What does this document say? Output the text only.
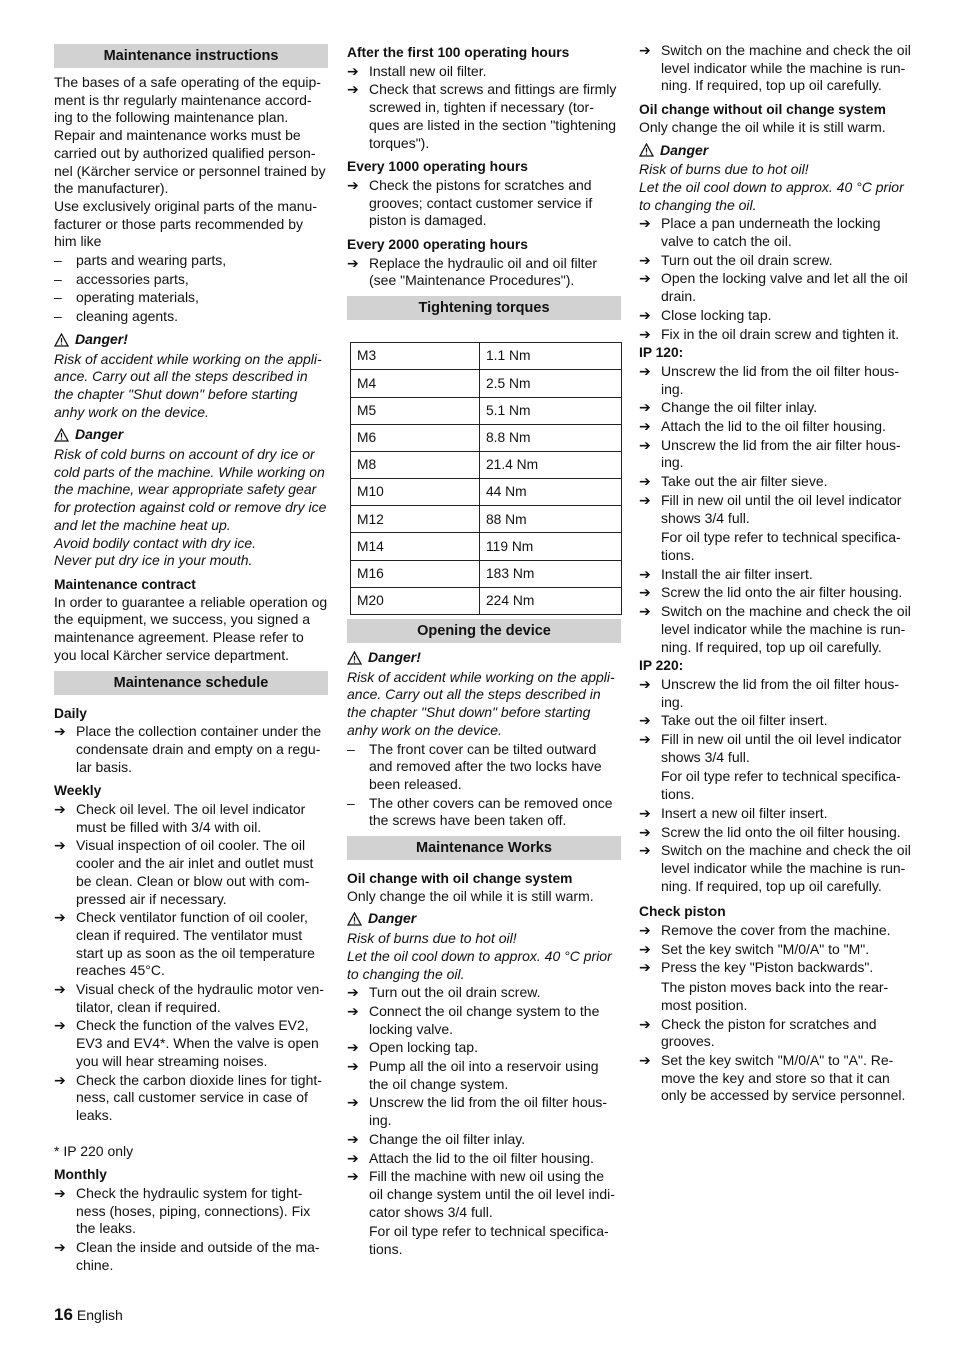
Maintenance instructions

The bases of a safe operating of the equip-ment is thr regularly maintenance accord-ing to the following maintenance plan.

Repair and maintenance works must be carried out by authorized qualified person-nel (Kärcher service or personnel trained by the manufacturer).

Use exclusively original parts of the manu-facturer or those parts recommended by him like

–	parts and wearing parts,
–	accessories parts,
–	operating materials,
–	cleaning agents.
Danger!

Risk of accident while working on the appli-ance. Carry out all the steps described in the chapter "Shut down" before starting anhy work on the device.

Danger

Risk of cold burns on account of dry ice or cold parts of the machine. While working on the machine, wear appropriate safety gear for protection against cold or remove dry ice and let the machine heat up.

Avoid bodily contact with dry ice.

Never put dry ice in your mouth.

Maintenance contract

In order to guarantee a reliable operation og the equipment, we success, you signed a maintenance agreement. Please refer to you local Kärcher service department.

Maintenance schedule
Daily
➔ Place the collection container under the condensate drain and empty on a regu-lar basis.
Weekly
➔ Check oil level. The oil level indicator must be filled with 3/4 with oil.
➔ Visual inspection of oil cooler. The oil cooler and the air inlet and outlet must be clean. Clean or blow out with com-pressed air if necessary.
➔ Check ventilator function of oil cooler, clean if required. The ventilator must start up as soon as the oil temperature reaches 45°C.
➔ Visual check of the hydraulic motor ven-tilator, clean if required.
➔ Check the function of the valves EV2, EV3 and EV4*. When the valve is open you will hear streaming noises.
➔ Check the carbon dioxide lines for tight-ness, call customer service in case of leaks.

* IP 220 only

Monthly
➔ Check the hydraulic system for tight-ness (hoses, piping, connections). Fix the leaks.
➔ Clean the inside and outside of the ma-chine.
After the first 100 operating hours
➔ Install new oil filter.
➔ Check that screws and fittings are firmly screwed in, tighten if necessary (tor-ques are listed in the section "tightening torques").
Every 1000 operating hours
➔ Check the pistons for scratches and grooves; contact customer service if piston is damaged.
Every 2000 operating hours
➔ Replace the hydraulic oil and oil filter (see "Maintenance Procedures").
Tightening torques
M3	1.1 Nm
M4	2.5 Nm
M5	5.1 Nm
M6	8.8 Nm
M8	21.4 Nm
M10	44 Nm
M12	88 Nm
M14	119 Nm
M16	183 Nm
M20	224 Nm
Opening the device
Danger!

Risk of accident while working on the appli-ance. Carry out all the steps described in the chapter "Shut down" before starting anhy work on the device.

–	The front cover can be tilted outward and removed after the two locks have been released.
–	The other covers can be removed once the screws have been taken off.
Maintenance Works
Oil change with oil change system

Only change the oil while it is still warm.

Danger

Risk of burns due to hot oil!

Let the oil cool down to approx. 40 °C prior to changing the oil.

➔ Turn out the oil drain screw.
➔ Connect the oil change system to the locking valve.
➔ Open locking tap.
➔ Pump all the oil into a reservoir using the oil change system.
➔ Unscrew the lid from the oil filter hous-ing.
➔ Change the oil filter inlay.
➔ Attach the lid to the oil filter housing.
➔ Fill the machine with new oil using the oil change system until the oil level indi-cator shows 3/4 full.

For oil type refer to technical specifica-tions.

➔ Switch on the machine and check the oil level indicator while the machine is run-ning. If required, top up oil carefully.
Oil change without oil change system

Only change the oil while it is still warm.

Danger

Risk of burns due to hot oil!

Let the oil cool down to approx. 40 °C prior to changing the oil.

➔ Place a pan underneath the locking valve to catch the oil.
➔ Turn out the oil drain screw.
➔ Open the locking valve and let all the oil drain.
➔ Close locking tap.
➔ Fix in the oil drain screw and tighten it.
IP 120:
➔ Unscrew the lid from the oil filter hous-ing.
➔ Change the oil filter inlay.
➔ Attach the lid to the oil filter housing.
➔ Unscrew the lid from the air filter hous-ing.
➔ Take out the air filter sieve.
➔ Fill in new oil until the oil level indicator shows 3/4 full.

For oil type refer to technical specifica-tions.

➔ Install the air filter insert.
➔ Screw the lid onto the air filter housing.
➔ Switch on the machine and check the oil level indicator while the machine is run-ning. If required, top up oil carefully.
IP 220:
➔ Unscrew the lid from the oil filter hous-ing.
➔ Take out the oil filter insert.
➔ Fill in new oil until the oil level indicator shows 3/4 full.

For oil type refer to technical specifica-tions.

➔ Insert a new oil filter insert.
➔ Screw the lid onto the oil filter housing.
➔ Switch on the machine and check the oil level indicator while the machine is run-ning. If required, top up oil carefully.
Check piston
➔ Remove the cover from the machine.
➔ Set the key switch "M/0/A" to "M".
➔ Press the key "Piston backwards".

The piston moves back into the rear-most position.

➔ Check the piston for scratches and grooves.
➔ Set the key switch "M/0/A" to "A". Re-move the key and store so that it can only be accessed by service personnel.
16 English
